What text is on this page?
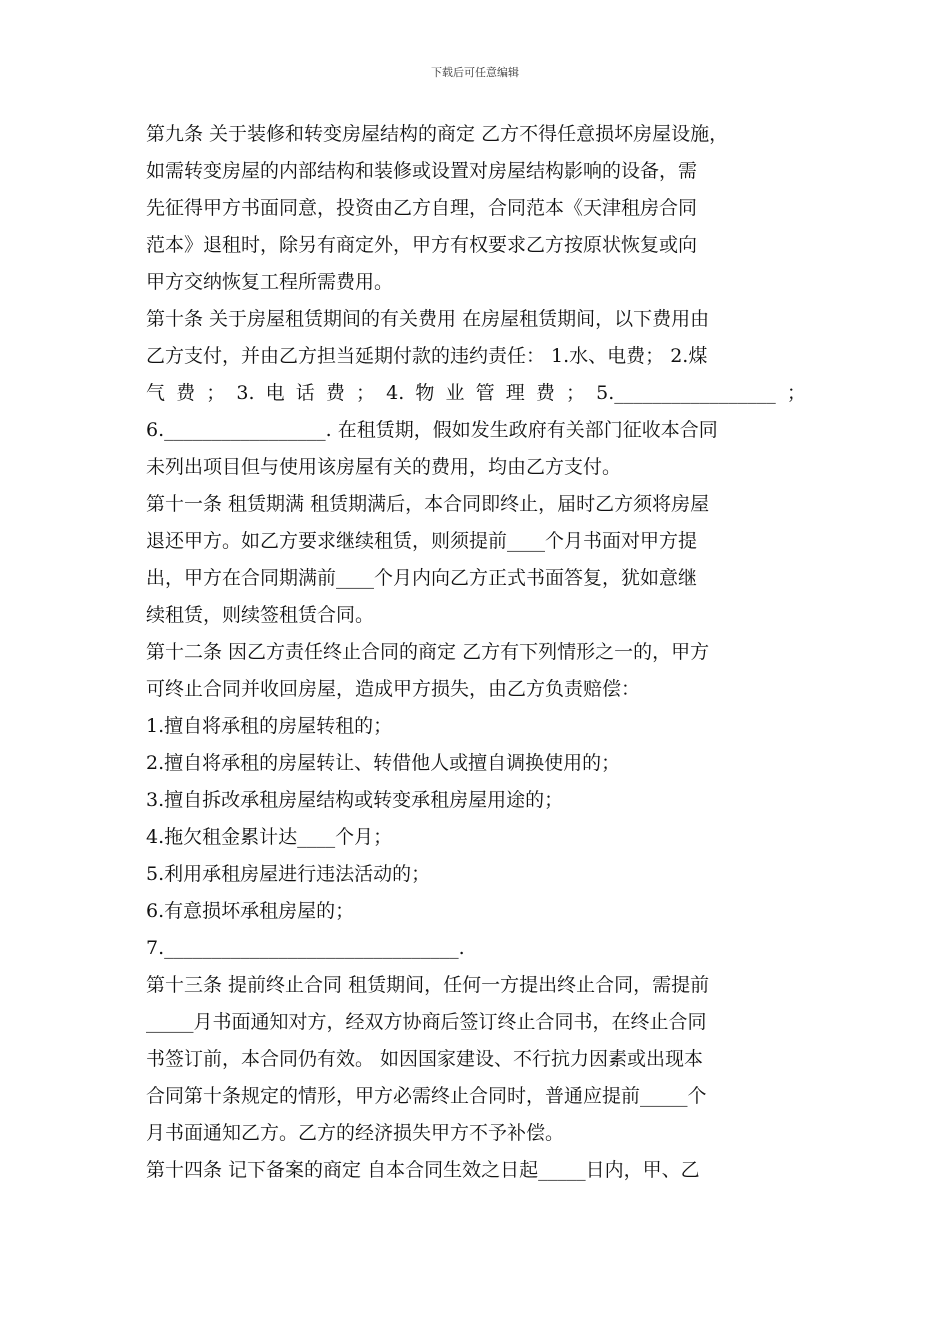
下载后可任意编辑
第九条 关于装修和转变房屋结构的商定 乙方不得任意损坏房屋设施，
如需转变房屋的内部结构和装修或设置对房屋结构影响的设备，需
先征得甲方书面同意，投资由乙方自理，合同范本《天津租房合同
范本》退租时，除另有商定外，甲方有权要求乙方按原状恢复或向
甲方交纳恢复工程所需费用。
第十条 关于房屋租赁期间的有关费用 在房屋租赁期间，以下费用由
乙方支付，并由乙方担当延期付款的违约责任： 1.水、电费； 2.煤
气 费 ； 3. 电 话 费 ； 4. 物 业 管 理 费 ； 5._________________ ；
6._________________. 在租赁期，假如发生政府有关部门征收本合同
未列出项目但与使用该房屋有关的费用，均由乙方支付。
第十一条 租赁期满 租赁期满后，本合同即终止，届时乙方须将房屋
退还甲方。如乙方要求继续租赁，则须提前____个月书面对甲方提
出，甲方在合同期满前____个月内向乙方正式书面答复，犹如意继
续租赁，则续签租赁合同。
第十二条 因乙方责任终止合同的商定 乙方有下列情形之一的，甲方
可终止合同并收回房屋，造成甲方损失，由乙方负责赔偿：
1.擅自将承租的房屋转租的；
2.擅自将承租的房屋转让、转借他人或擅自调换使用的；
3.擅自拆改承租房屋结构或转变承租房屋用途的；
4.拖欠租金累计达____个月；
5.利用承租房屋进行违法活动的；
6.有意损坏承租房屋的；
7._______________________________.
第十三条 提前终止合同 租赁期间，任何一方提出终止合同，需提前
_____月书面通知对方，经双方协商后签订终止合同书，在终止合同
书签订前，本合同仍有效。 如因国家建设、不行抗力因素或出现本
合同第十条规定的情形，甲方必需终止合同时，普通应提前_____个
月书面通知乙方。乙方的经济损失甲方不予补偿。
第十四条 记下备案的商定 自本合同生效之日起_____日内，甲、乙
